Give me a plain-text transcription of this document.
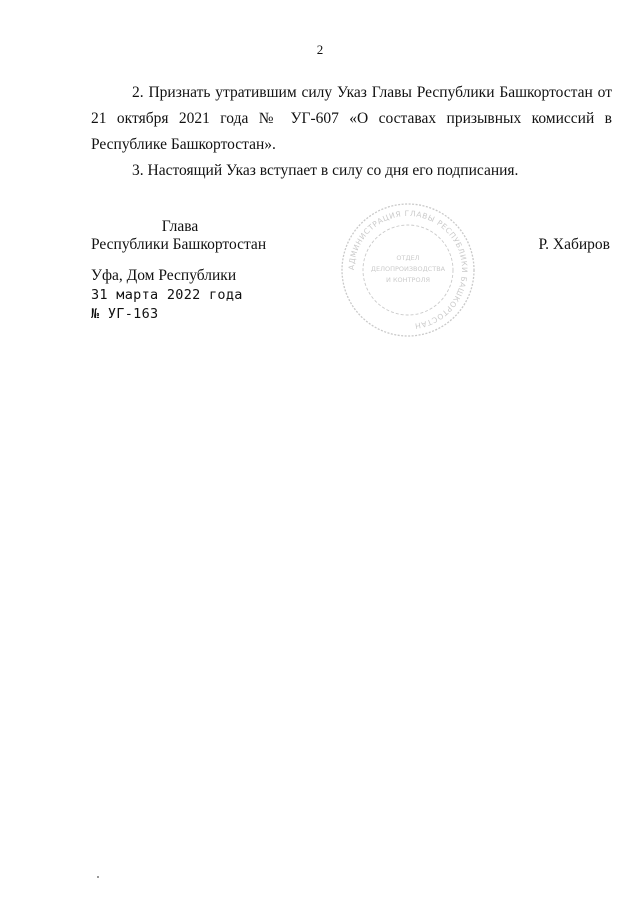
2

2. Признать утратившим силу Указ Главы Республики Башкортостан от 21 октября 2021 года № УГ-607 «О составах призывных комиссий в Республике Башкортостан».

3. Настоящий Указ вступает в силу со дня его подписания.

Глава
Республики Башкортостан	Р. Хабиров
АДМИНИСТРАЦИЯ ГЛАВЫ РЕСПУБЛИКИ БАШКОРТОСТАН
ОТДЕЛ
ДЕЛОПРОИЗВОДСТВА
И КОНТРОЛЯ
Уфа, Дом Республики
31 марта 2022 года
№ УГ-163
